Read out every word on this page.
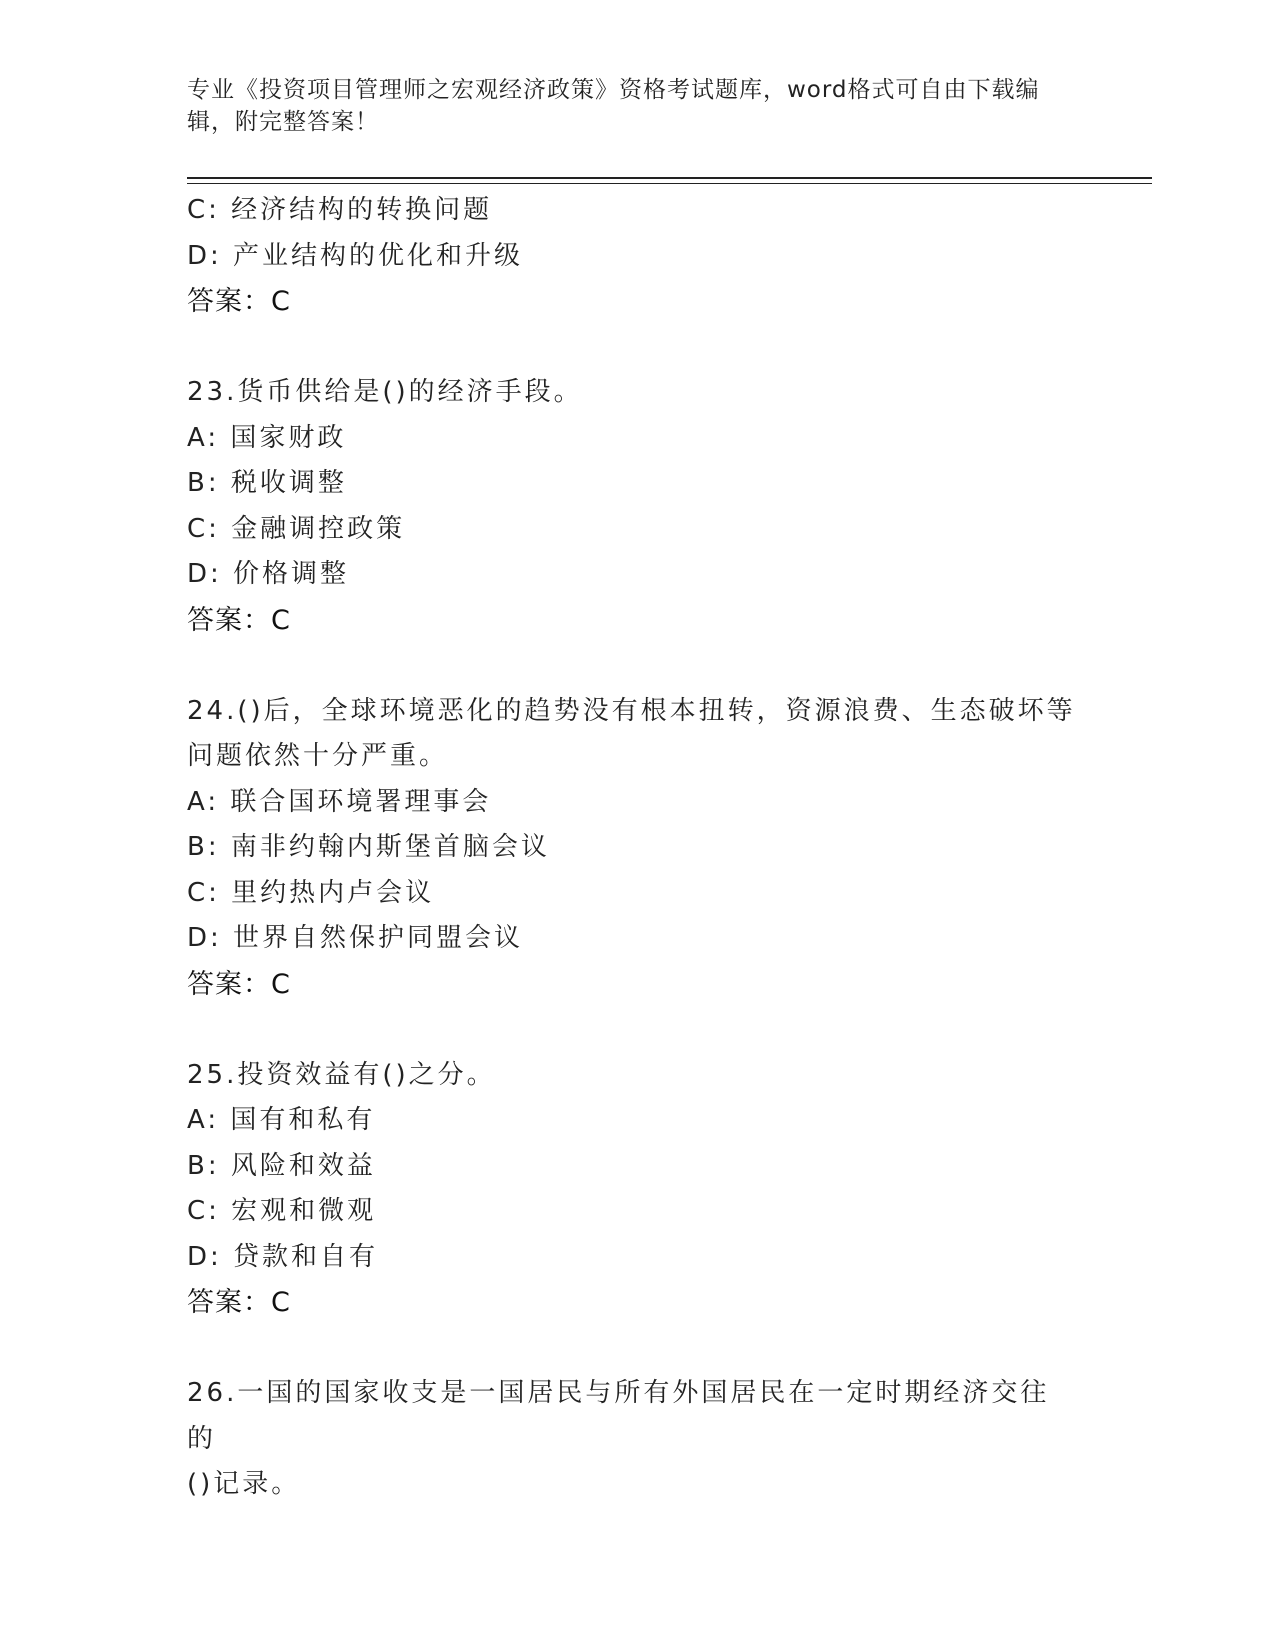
专业《投资项目管理师之宏观经济政策》资格考试题库，word格式可自由下载编
辑，附完整答案！
C: 经济结构的转换问题
D: 产业结构的优化和升级
答案：C
23.货币供给是()的经济手段。
A: 国家财政
B: 税收调整
C: 金融调控政策
D: 价格调整
答案：C
24.()后，全球环境恶化的趋势没有根本扭转，资源浪费、生态破坏等
问题依然十分严重。
A: 联合国环境署理事会
B: 南非约翰内斯堡首脑会议
C: 里约热内卢会议
D: 世界自然保护同盟会议
答案：C
25.投资效益有()之分。
A: 国有和私有
B: 风险和效益
C: 宏观和微观
D: 贷款和自有
答案：C
26.一国的国家收支是一国居民与所有外国居民在一定时期经济交往的
()记录。
